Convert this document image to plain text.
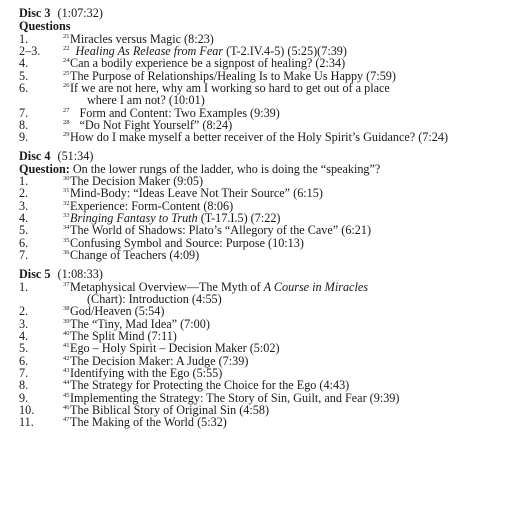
Disc 3 (1:07:32)
Questions
1.	$^{21}$Miracles versus Magic (8:23)
2–3.	$^{22}$ Healing As Release from Fear (T-2.IV.4-5) (5:25)(7:39)
4.	$^{24}$Can a bodily experience be a signpost of healing? (2:34)
5.	$^{25}$The Purpose of Relationships/Healing Is to Make Us Happy (7:59)
6.	$^{26}$If we are not here, why am I working so hard to get out of a place
where I am not? (10:01)
7.	$^{27}$ Form and Content: Two Examples (9:39)
8.	$^{28}$ “Do Not Fight Yourself” (8:24)
9.	$^{29}$How do I make myself a better receiver of the Holy Spirit’s Guidance? (7:24)
Disc 4 (51:34)
Question: On the lower rungs of the ladder, who is doing the “speaking”?
1.	$^{30}$The Decision Maker (9:05)
2.	$^{31}$Mind-Body: “Ideas Leave Not Their Source” (6:15)
3.	$^{32}$Experience: Form-Content (8:06)
4.	$^{33}$Bringing Fantasy to Truth (T-17.I.5) (7:22)
5.	$^{34}$The World of Shadows: Plato’s “Allegory of the Cave” (6:21)
6.	$^{35}$Confusing Symbol and Source: Purpose (10:13)
7.	$^{36}$Change of Teachers (4:09)
Disc 5 (1:08:33)
1.	$^{37}$Metaphysical Overview—The Myth of A Course in Miracles
(Chart): Introduction (4:55)
2.	$^{38}$God/Heaven (5:54)
3.	$^{39}$The “Tiny, Mad Idea” (7:00)
4.	$^{40}$The Split Mind (7:11)
5.	$^{41}$Ego – Holy Spirit – Decision Maker (5:02)
6.	$^{42}$The Decision Maker: A Judge (7:39)
7.	$^{43}$Identifying with the Ego (5:55)
8.	$^{44}$The Strategy for Protecting the Choice for the Ego (4:43)
9.	$^{45}$Implementing the Strategy: The Story of Sin, Guilt, and Fear (9:39)
10.	$^{46}$The Biblical Story of Original Sin (4:58)
11.	$^{47}$The Making of the World (5:32)
